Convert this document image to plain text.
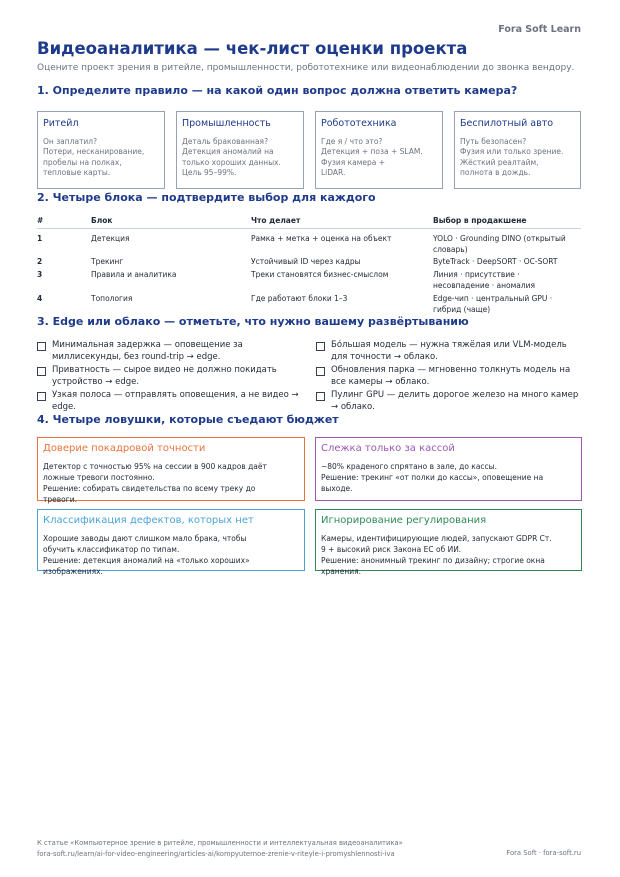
Fora Soft Learn
Видеоаналитика — чек-лист оценки проекта
Оцените проект зрения в ритейле, промышленности, робототехнике или видеонаблюдении до звонка вендору.
1. Определите правило — на какой один вопрос должна ответить камера?
Ритейл
Он заплатил?
Потери, несканирование,
пробелы на полках,
тепловые карты.
Промышленность
Деталь бракованная?
Детекция аномалий на
только хороших данных.
Цель 95–99%.
Робототехника
Где я / что это?
Детекция + поза + SLAM.
Фузия камера +
LiDAR.
Беспилотный авто
Путь безопасен?
Фузия или только зрение.
Жёсткий реалтайм,
полнота в дождь.
2. Четыре блока — подтвердите выбор для каждого
#	Блок	Что делает	Выбор в продакшене
1	Детекция	Рамка + метка + оценка на объект	YOLO · Grounding DINO (открытый
словарь)
2	Трекинг	Устойчивый ID через кадры	ByteTrack · DeepSORT · OC-SORT
3	Правила и аналитика	Треки становятся бизнес-смыслом	Линия · присутствие ·
несовпадение · аномалия
4	Топология	Где работают блоки 1–3	Edge-чип · центральный GPU ·
гибрид (чаще)
3. Edge или облако — отметьте, что нужно вашему развёртыванию
Минимальная задержка — оповещение за
миллисекунды, без round-trip → edge.
Приватность — сырое видео не должно покидать
устройство → edge.
Узкая полоса — отправлять оповещения, а не видео →
edge.
Бóльшая модель — нужна тяжёлая или VLM-модель
для точности → облако.
Обновления парка — мгновенно толкнуть модель на
все камеры → облако.
Пулинг GPU — делить дорогое железо на много камер
→ облако.
4. Четыре ловушки, которые съедают бюджет
Доверие покадровой точности
Детектор с точностью 95% на сессии в 900 кадров даёт
ложные тревоги постоянно.
Решение: собирать свидетельства по всему треку до
тревоги.
Слежка только за кассой
~80% краденого спрятано в зале, до кассы.
Решение: трекинг «от полки до кассы», оповещение на
выходе.
Классификация дефектов, которых нет
Хорошие заводы дают слишком мало брака, чтобы
обучить классификатор по типам.
Решение: детекция аномалий на «только хороших»
изображениях.
Игнорирование регулирования
Камеры, идентифицирующие людей, запускают GDPR Ст.
9 + высокий риск Закона ЕС об ИИ.
Решение: анонимный трекинг по дизайну; строгие окна
хранения.
К статье «Компьютерное зрение в ритейле, промышленности и интеллектуальная видеоаналитика»
fora-soft.ru/learn/ai-for-video-engineering/articles-ai/kompyuternoe-zrenie-v-riteyle-i-promyshlennosti-iva	Fora Soft · fora-soft.ru
